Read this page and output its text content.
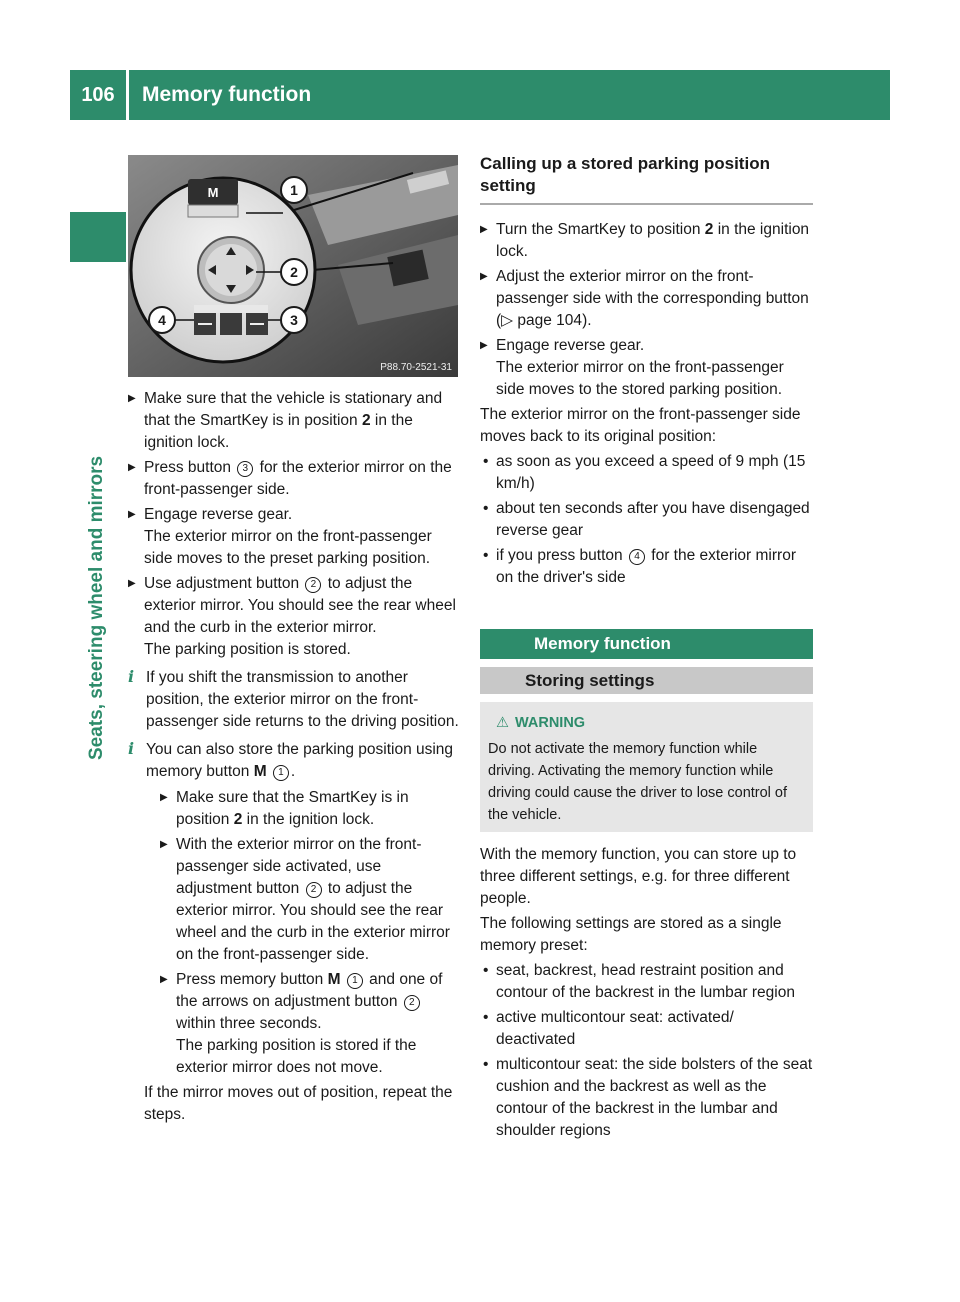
106	Memory function
Seats, steering wheel and mirrors
M	1
2
3
4
P88.70-2521-31
▶ Make sure that the vehicle is stationary and that the SmartKey is in position 2 in the ignition lock.
▶ Press button 3 for the exterior mirror on the front-passenger side.
▶ Engage reverse gear.
The exterior mirror on the front-passenger side moves to the preset parking position.
▶ Use adjustment button 2 to adjust the exterior mirror. You should see the rear wheel and the curb in the exterior mirror.
The parking position is stored.
i If you shift the transmission to another position, the exterior mirror on the front-passenger side returns to the driving position.
i You can also store the parking position using memory button M 1 .
▶ Make sure that the SmartKey is in position 2 in the ignition lock.
▶ With the exterior mirror on the front-passenger side activated, use adjustment button 2 to adjust the exterior mirror. You should see the rear wheel and the curb in the exterior mirror on the front-passenger side.
▶ Press memory button M 1 and one of the arrows on adjustment button 2 within three seconds.
The parking position is stored if the exterior mirror does not move.

If the mirror moves out of position, repeat the steps.

Calling up a stored parking position setting
▶ Turn the SmartKey to position 2 in the ignition lock.
▶ Adjust the exterior mirror on the front-passenger side with the corresponding button (▷ page 104).
▶ Engage reverse gear.
The exterior mirror on the front-passenger side moves to the stored parking position.

The exterior mirror on the front-passenger side moves back to its original position:

• as soon as you exceed a speed of 9 mph (15 km/h)
• about ten seconds after you have disengaged reverse gear
• if you press button 4 for the exterior mirror on the driver's side
Memory function
Storing settings
⚠ WARNING
Do not activate the memory function while driving. Activating the memory function while driving could cause the driver to lose control of the vehicle.

With the memory function, you can store up to three different settings, e.g. for three different people.

The following settings are stored as a single memory preset:

• seat, backrest, head restraint position and contour of the backrest in the lumbar region
• active multicontour seat: activated/ deactivated
• multicontour seat: the side bolsters of the seat cushion and the backrest as well as the contour of the backrest in the lumbar and shoulder regions
